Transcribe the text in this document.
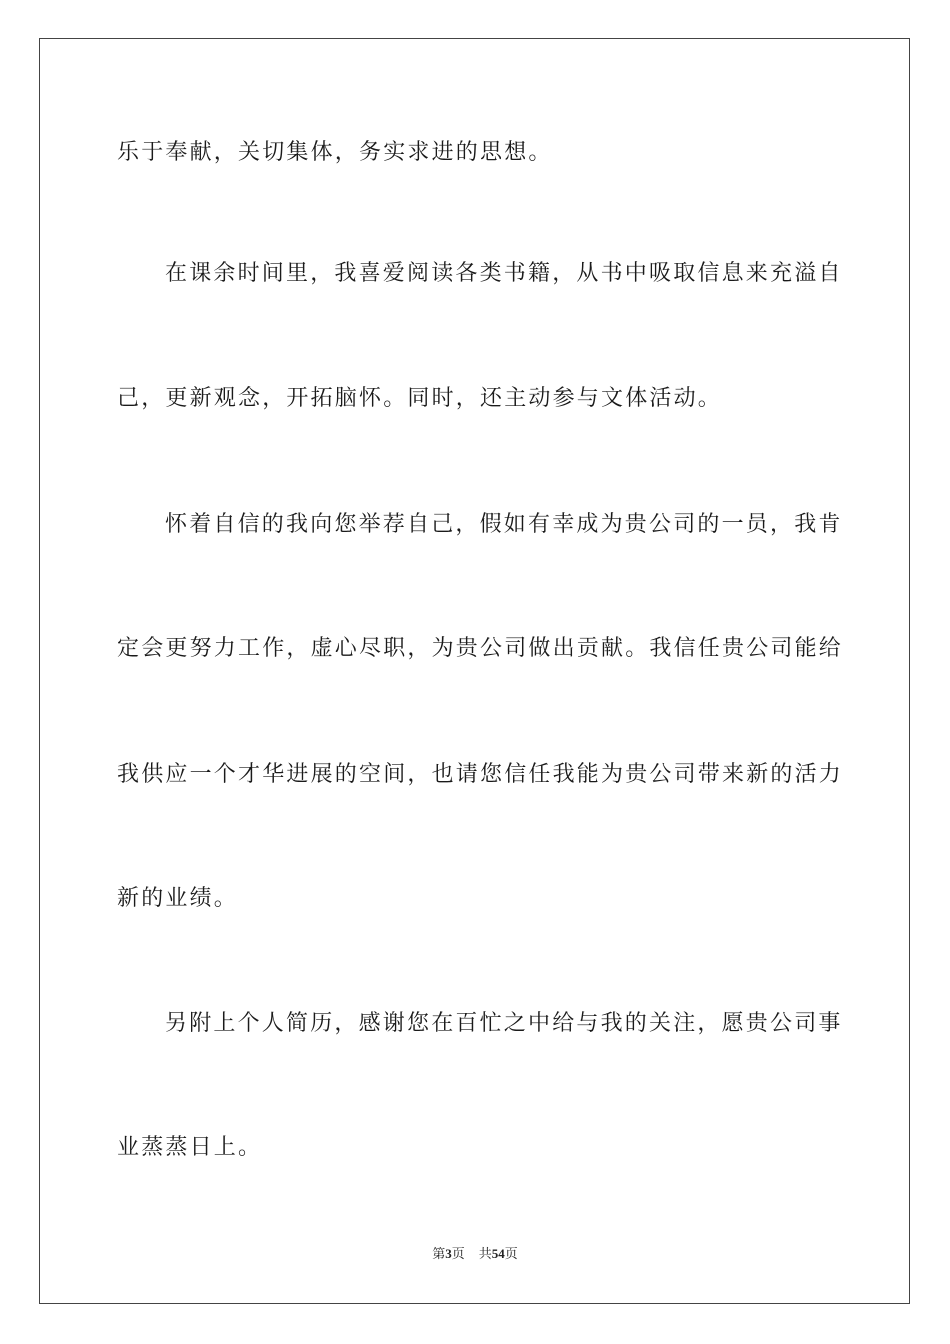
乐于奉献，关切集体，务实求进的思想。
在课余时间里，我喜爱阅读各类书籍，从书中吸取信息来充溢自
己，更新观念，开拓脑怀。同时，还主动参与文体活动。
怀着自信的我向您举荐自己，假如有幸成为贵公司的一员，我肯
定会更努力工作，虚心尽职，为贵公司做出贡献。我信任贵公司能给
我供应一个才华进展的空间，也请您信任我能为贵公司带来新的活力
新的业绩。
另附上个人简历，感谢您在百忙之中给与我的关注，愿贵公司事
业蒸蒸日上。
第3页 共54页
